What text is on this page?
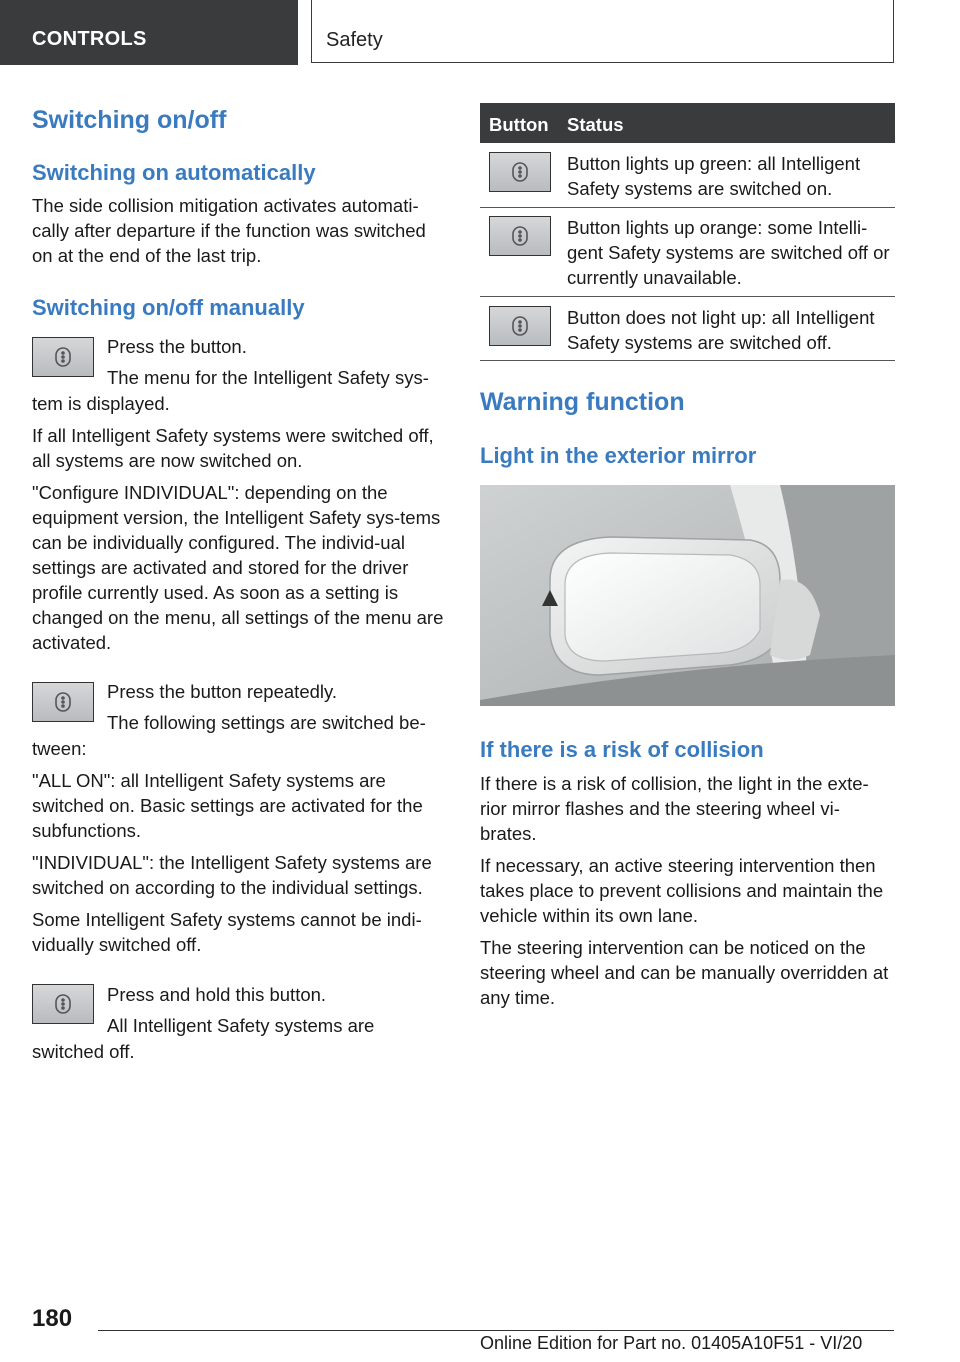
CONTROLS	Safety
Switching on/off
Switching on automatically

The side collision mitigation activates automati-cally after departure if the function was switched on at the end of the last trip.

Switching on/off manually

Press the button.

The menu for the Intelligent Safety sys-

tem is displayed.

If all Intelligent Safety systems were switched off, all systems are now switched on.

"Configure INDIVIDUAL": depending on the equipment version, the Intelligent Safety sys-tems can be individually configured. The individ-ual settings are activated and stored for the driver profile currently used. As soon as a setting is changed on the menu, all settings of the menu are activated.

Press the button repeatedly.

The following settings are switched be-

tween:

"ALL ON": all Intelligent Safety systems are switched on. Basic settings are activated for the subfunctions.

"INDIVIDUAL": the Intelligent Safety systems are switched on according to the individual settings.

Some Intelligent Safety systems cannot be indi-vidually switched off.

Press and hold this button.

All Intelligent Safety systems are

switched off.

Button Status

Button lights up green: all Intelligent Safety systems are switched on.

Button lights up orange: some Intelli-gent Safety systems are switched off or currently unavailable.

Button does not light up: all Intelligent Safety systems are switched off.

Warning function
Light in the exterior mirror
If there is a risk of collision

If there is a risk of collision, the light in the exte-rior mirror flashes and the steering wheel vi-brates.

If necessary, an active steering intervention then takes place to prevent collisions and maintain the vehicle within its own lane.

The steering intervention can be noticed on the steering wheel and can be manually overridden at any time.

180
Online Edition for Part no. 01405A10F51 - VI/20
